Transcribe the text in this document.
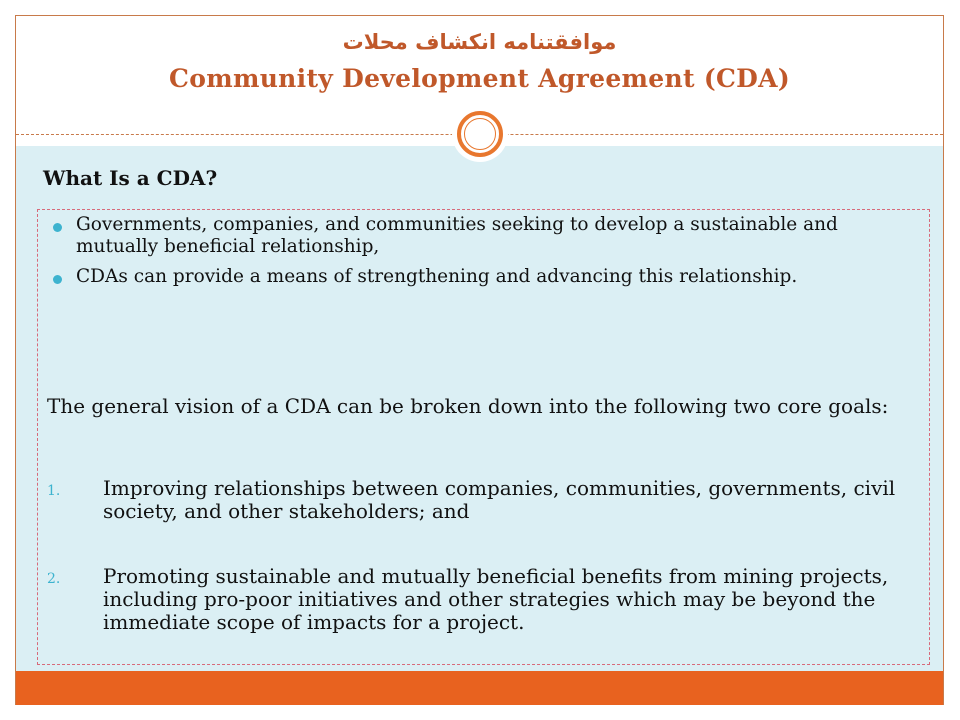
موافقتنامه انکشاف محلات
Community Development Agreement (CDA)
What Is a CDA?
Governments, companies, and communities seeking to develop a sustainable and mutually beneficial relationship,
CDAs can provide a means of strengthening and advancing this relationship.
The general vision of a CDA can be broken down into the following two core goals:
1. Improving relationships between companies, communities, governments, civil society, and other stakeholders; and
2. Promoting sustainable and mutually beneficial benefits from mining projects, including pro-poor initiatives and other strategies which may be beyond the immediate scope of impacts for a project.
